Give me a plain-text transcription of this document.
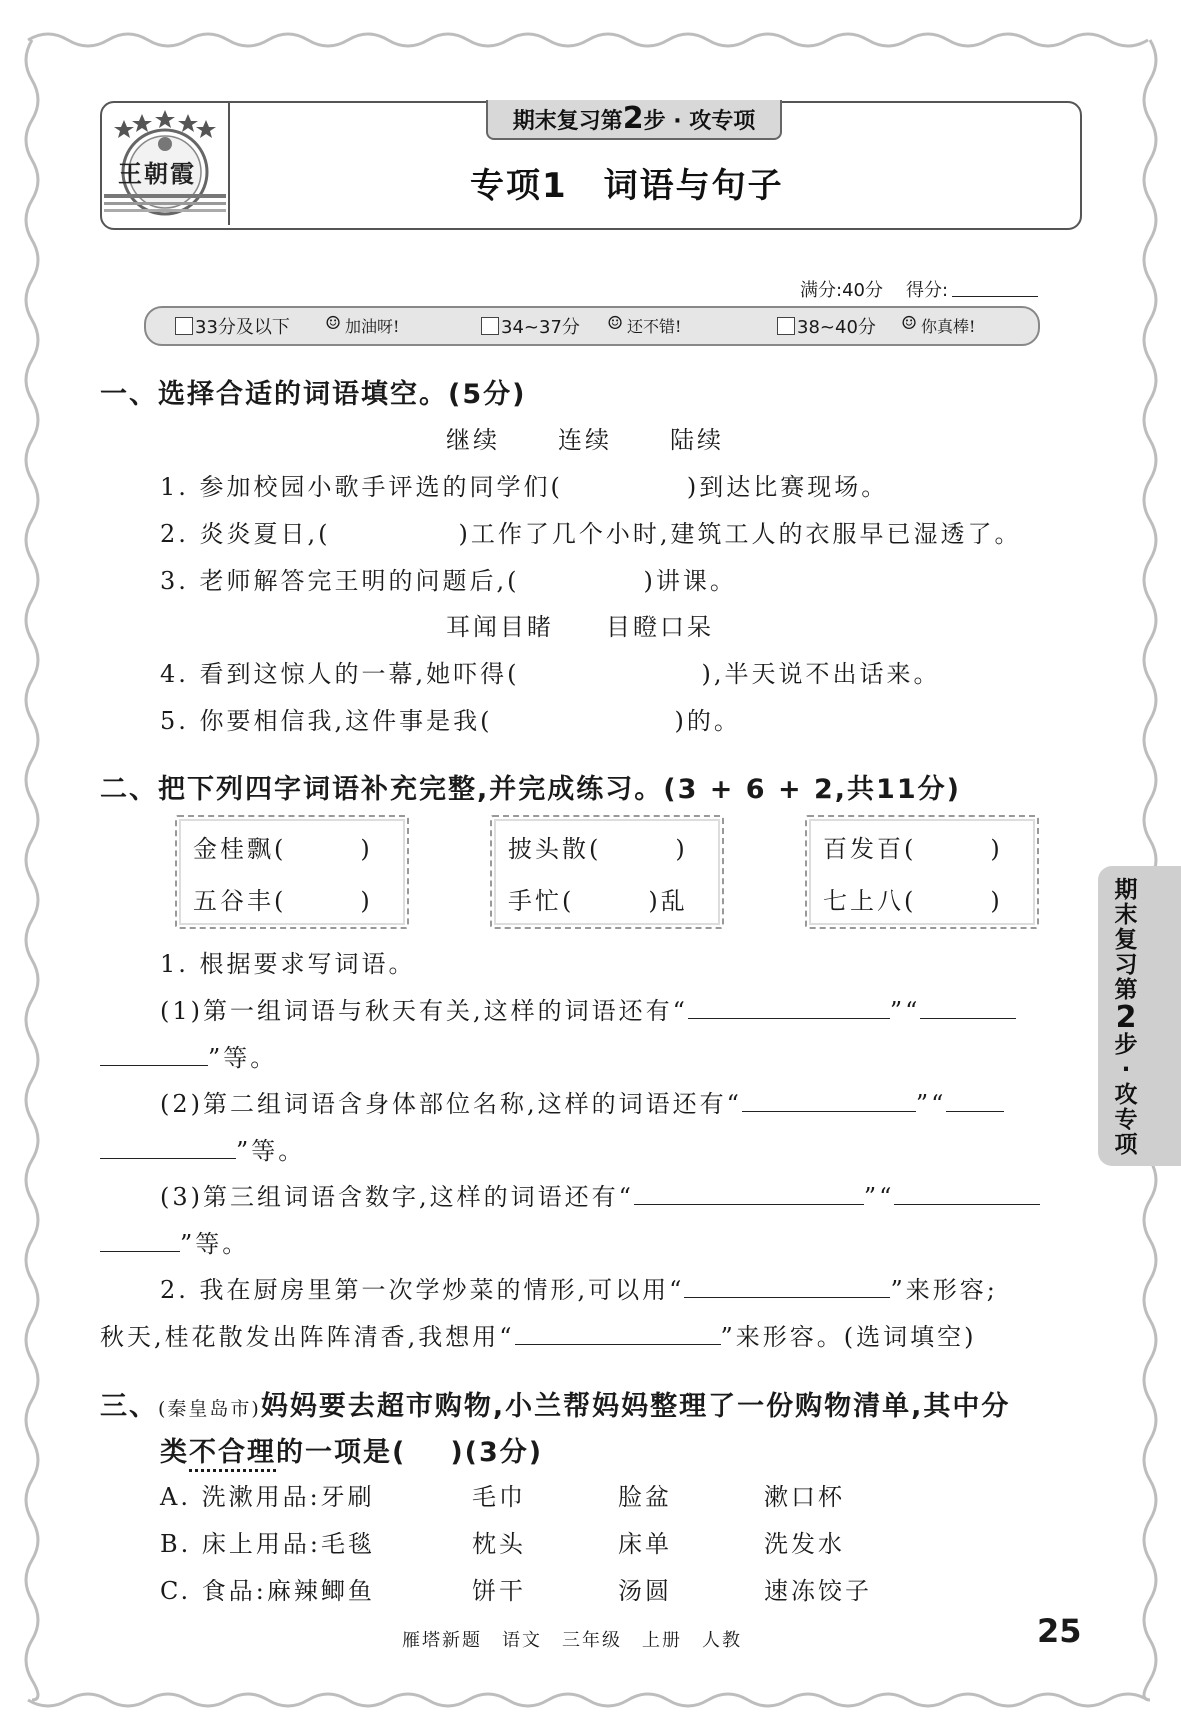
王朝霞
期末复习第2步 · 攻专项
专项1　词语与句子
满分:40分 得分:
33分及以下 ☺ 加油呀!	34~37分 ☺ 还不错!	38~40分 ☺ 你真棒!
一、选择合适的词语填空。(5分)
继续 连续 陆续
1. 参加校园小歌手评选的同学们(	)到达比赛现场。
2. 炎炎夏日,(	)工作了几个小时,建筑工人的衣服早已湿透了。
3. 老师解答完王明的问题后,(	)讲课。
耳闻目睹 目瞪口呆
4. 看到这惊人的一幕,她吓得(	),半天说不出话来。
5. 你要相信我,这件事是我(	)的。
二、把下列四字词语补充完整,并完成练习。(3 + 6 + 2,共11分)
金桂飘(	)
五谷丰(	)
披头散(	)
手忙(	)乱
百发百(	)
七上八(	)
1. 根据要求写词语。
(1)第一组词语与秋天有关,这样的词语还有“	”“
”等。
(2)第二组词语含身体部位名称,这样的词语还有“	”“
”等。
(3)第三组词语含数字,这样的词语还有“	”“
”等。
2. 我在厨房里第一次学炒菜的情形,可以用“	”来形容;
秋天,桂花散发出阵阵清香,我想用“	”来形容。(选词填空)
三、(秦皇岛市)妈妈要去超市购物,小兰帮妈妈整理了一份购物清单,其中分
类不合理的一项是( )(3分)
A. 洗漱用品:牙刷	毛巾	脸盆	漱口杯
B. 床上用品:毛毯	枕头	床单	洗发水
C. 食品:麻辣鲫鱼	饼干	汤圆	速冻饺子
期
末
复
习
第
2
步
·
攻
专
项
雁塔新题　语文　三年级　上册　人教	25
